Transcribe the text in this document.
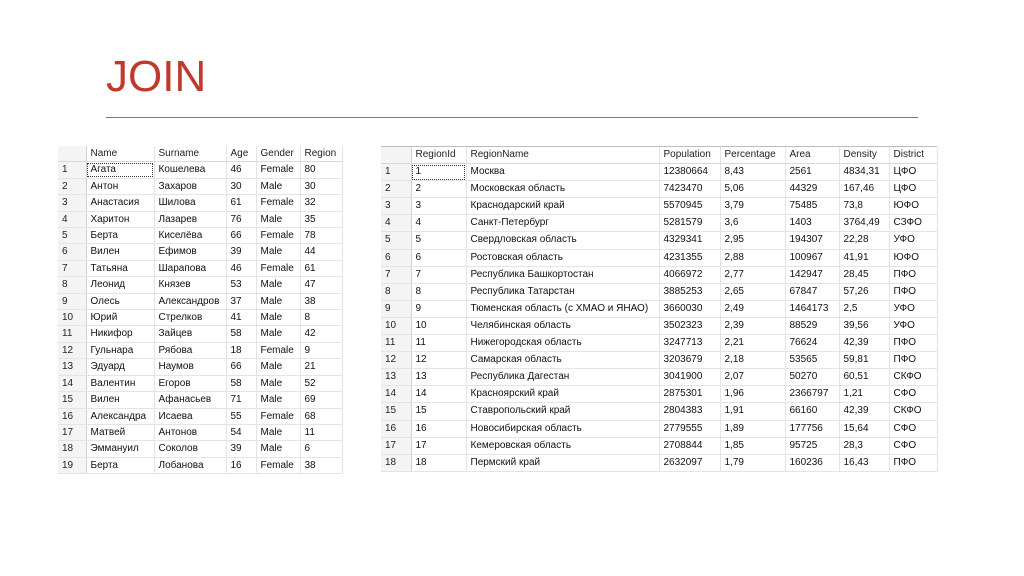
JOIN
	Name	Surname	Age	Gender	Region
1	Агата	Кошелева	46	Female	80
2	Антон	Захаров	30	Male	30
3	Анастасия	Шилова	61	Female	32
4	Харитон	Лазарев	76	Male	35
5	Берта	Киселёва	66	Female	78
6	Вилен	Ефимов	39	Male	44
7	Татьяна	Шарапова	46	Female	61
8	Леонид	Князев	53	Male	47
9	Олесь	Александров	37	Male	38
10	Юрий	Стрелков	41	Male	8
11	Никифор	Зайцев	58	Male	42
12	Гульнара	Рябова	18	Female	9
13	Эдуард	Наумов	66	Male	21
14	Валентин	Егоров	58	Male	52
15	Вилен	Афанасьев	71	Male	69
16	Александра	Исаева	55	Female	68
17	Матвей	Антонов	54	Male	11
18	Эммануил	Соколов	39	Male	6
19	Берта	Лобанова	16	Female	38
	RegionId	RegionName	Population	Percentage	Area	Density	District
1	1	Москва	12380664	8,43	2561	4834,31	ЦФО
2	2	Московская область	7423470	5,06	44329	167,46	ЦФО
3	3	Краснодарский край	5570945	3,79	75485	73,8	ЮФО
4	4	Санкт-Петербург	5281579	3,6	1403	3764,49	СЗФО
5	5	Свердловская область	4329341	2,95	194307	22,28	УФО
6	6	Ростовская область	4231355	2,88	100967	41,91	ЮФО
7	7	Республика Башкортостан	4066972	2,77	142947	28,45	ПФО
8	8	Республика Татарстан	3885253	2,65	67847	57,26	ПФО
9	9	Тюменская область (с ХМАО и ЯНАО)	3660030	2,49	1464173	2,5	УФО
10	10	Челябинская область	3502323	2,39	88529	39,56	УФО
11	11	Нижегородская область	3247713	2,21	76624	42,39	ПФО
12	12	Самарская область	3203679	2,18	53565	59,81	ПФО
13	13	Республика Дагестан	3041900	2,07	50270	60,51	СКФО
14	14	Красноярский край	2875301	1,96	2366797	1,21	СФО
15	15	Ставропольский край	2804383	1,91	66160	42,39	СКФО
16	16	Новосибирская область	2779555	1,89	177756	15,64	СФО
17	17	Кемеровская область	2708844	1,85	95725	28,3	СФО
18	18	Пермский край	2632097	1,79	160236	16,43	ПФО
